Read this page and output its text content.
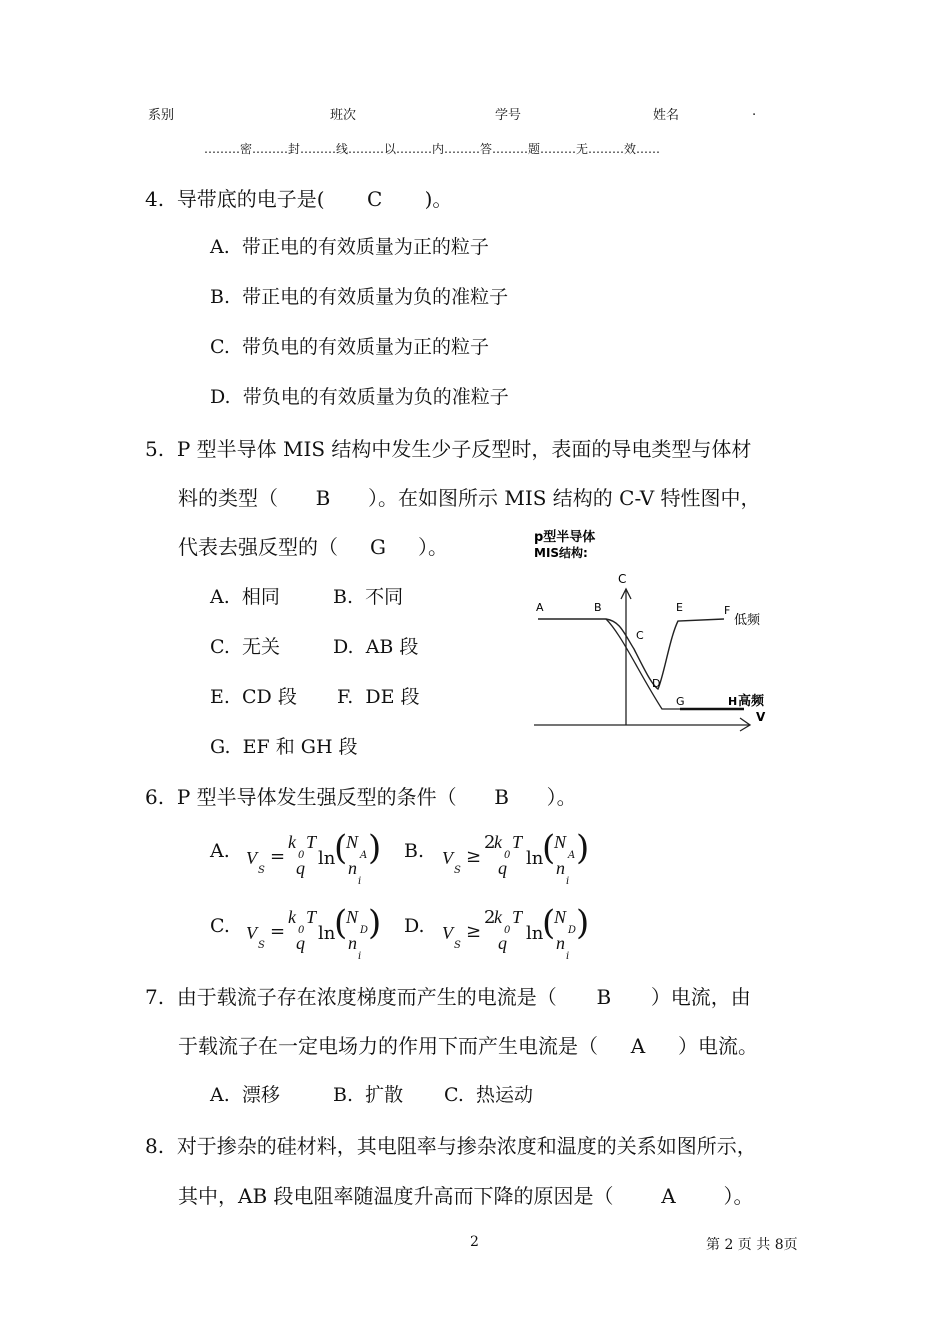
系别	班次	学号	姓名	.
………密………封………线………以………内………答………题………无………效……
4. 导带底的电子是( C )。
A. 带正电的有效质量为正的粒子
B. 带正电的有效质量为负的准粒子
C. 带负电的有效质量为正的粒子
D. 带负电的有效质量为负的准粒子
5. P 型半导体 MIS 结构中发生少子反型时，表面的导电类型与体材
料的类型（ B ）。在如图所示 MIS 结构的 C-V 特性图中，
代表去强反型的（ G ）。
A. 相同	B. 不同
C. 无关	D. AB 段
E. CD 段 F. DE 段
G. EF 和 GH 段
p型半导体
MIS结构:
C
V
A	B
C
D
E	F
G	H
低频
高频
6. P 型半导体发生强反型的条件（ B ）。
A. V
S
=
k
0
T
q ln
(
N
A
n
i
) B. V
S
≥
2
k
0
T
q ln
(
N
A
n
i
)
C. V
S
=
k
0
T
q ln
(
N
D
n
i
) D. V
S
≥
2
k
0
T
q ln
(
N
D
n
i
)
7. 由于载流子存在浓度梯度而产生的电流是（ B ）电流，由
于载流子在一定电场力的作用下而产生电流是（ A ）电流。
A. 漂移	B. 扩散 C. 热运动
8. 对于掺杂的硅材料，其电阻率与掺杂浓度和温度的关系如图所示，
其中，AB 段电阻率随温度升高而下降的原因是（ A ）。
2	第 2 页 共 8页
